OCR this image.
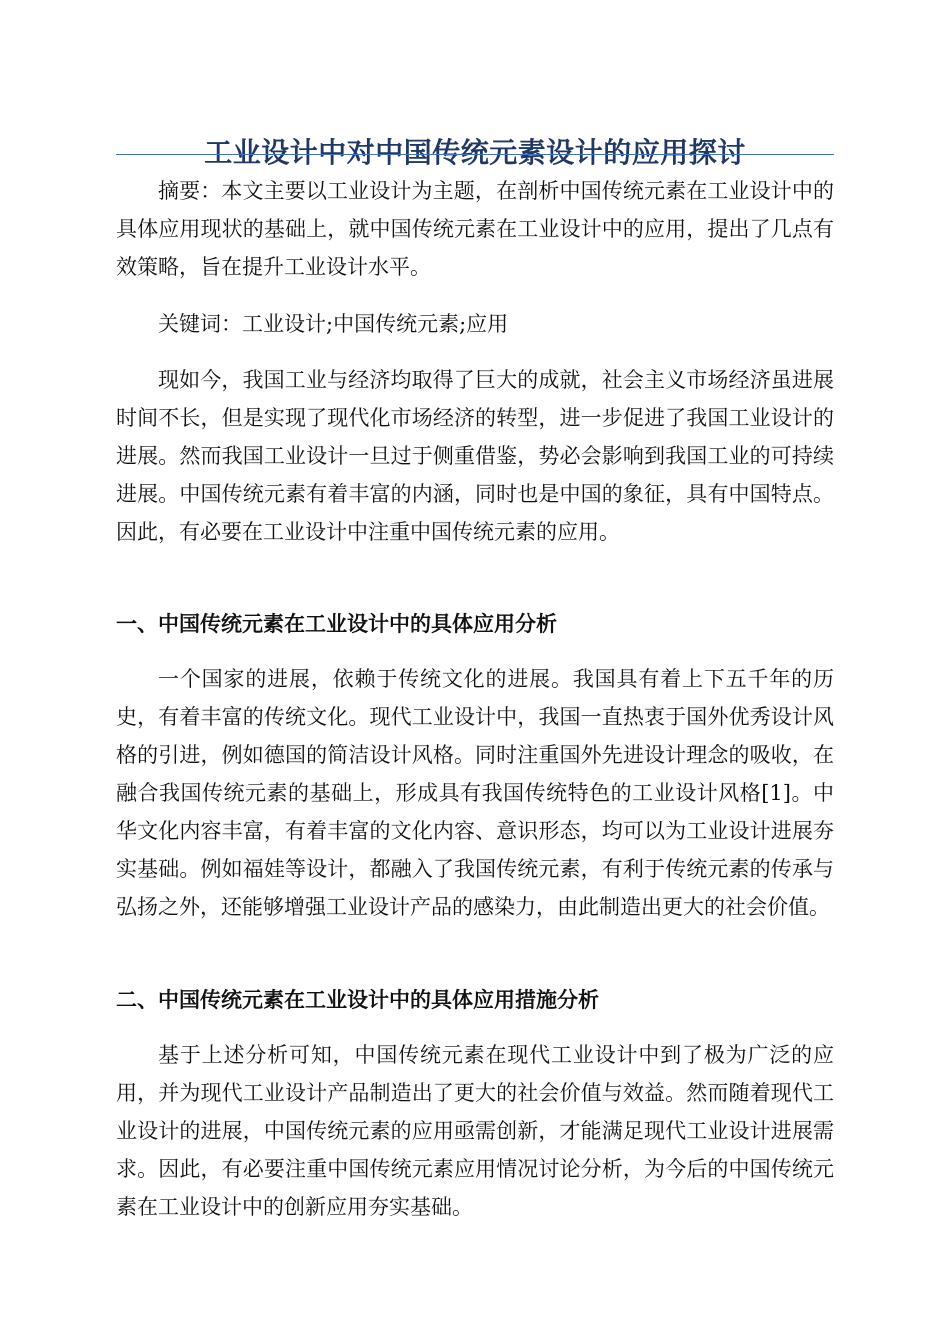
工业设计中对中国传统元素设计的应用探讨

摘要：本文主要以工业设计为主题，在剖析中国传统元素在工业设计中的具体应用现状的基础上，就中国传统元素在工业设计中的应用，提出了几点有效策略，旨在提升工业设计水平。

关键词：工业设计;中国传统元素;应用

现如今，我国工业与经济均取得了巨大的成就，社会主义市场经济虽进展时间不长，但是实现了现代化市场经济的转型，进一步促进了我国工业设计的进展。然而我国工业设计一旦过于侧重借鉴，势必会影响到我国工业的可持续进展。中国传统元素有着丰富的内涵，同时也是中国的象征，具有中国特点。因此，有必要在工业设计中注重中国传统元素的应用。

一、中国传统元素在工业设计中的具体应用分析

一个国家的进展，依赖于传统文化的进展。我国具有着上下五千年的历史，有着丰富的传统文化。现代工业设计中，我国一直热衷于国外优秀设计风格的引进，例如德国的简洁设计风格。同时注重国外先进设计理念的吸收，在融合我国传统元素的基础上，形成具有我国传统特色的工业设计风格[1]。中华文化内容丰富，有着丰富的文化内容、意识形态，均可以为工业设计进展夯实基础。例如福娃等设计，都融入了我国传统元素，有利于传统元素的传承与弘扬之外，还能够增强工业设计产品的感染力，由此制造出更大的社会价值。

二、中国传统元素在工业设计中的具体应用措施分析

基于上述分析可知，中国传统元素在现代工业设计中到了极为广泛的应用，并为现代工业设计产品制造出了更大的社会价值与效益。然而随着现代工业设计的进展，中国传统元素的应用亟需创新，才能满足现代工业设计进展需求。因此，有必要注重中国传统元素应用情况讨论分析，为今后的中国传统元素在工业设计中的创新应用夯实基础。
